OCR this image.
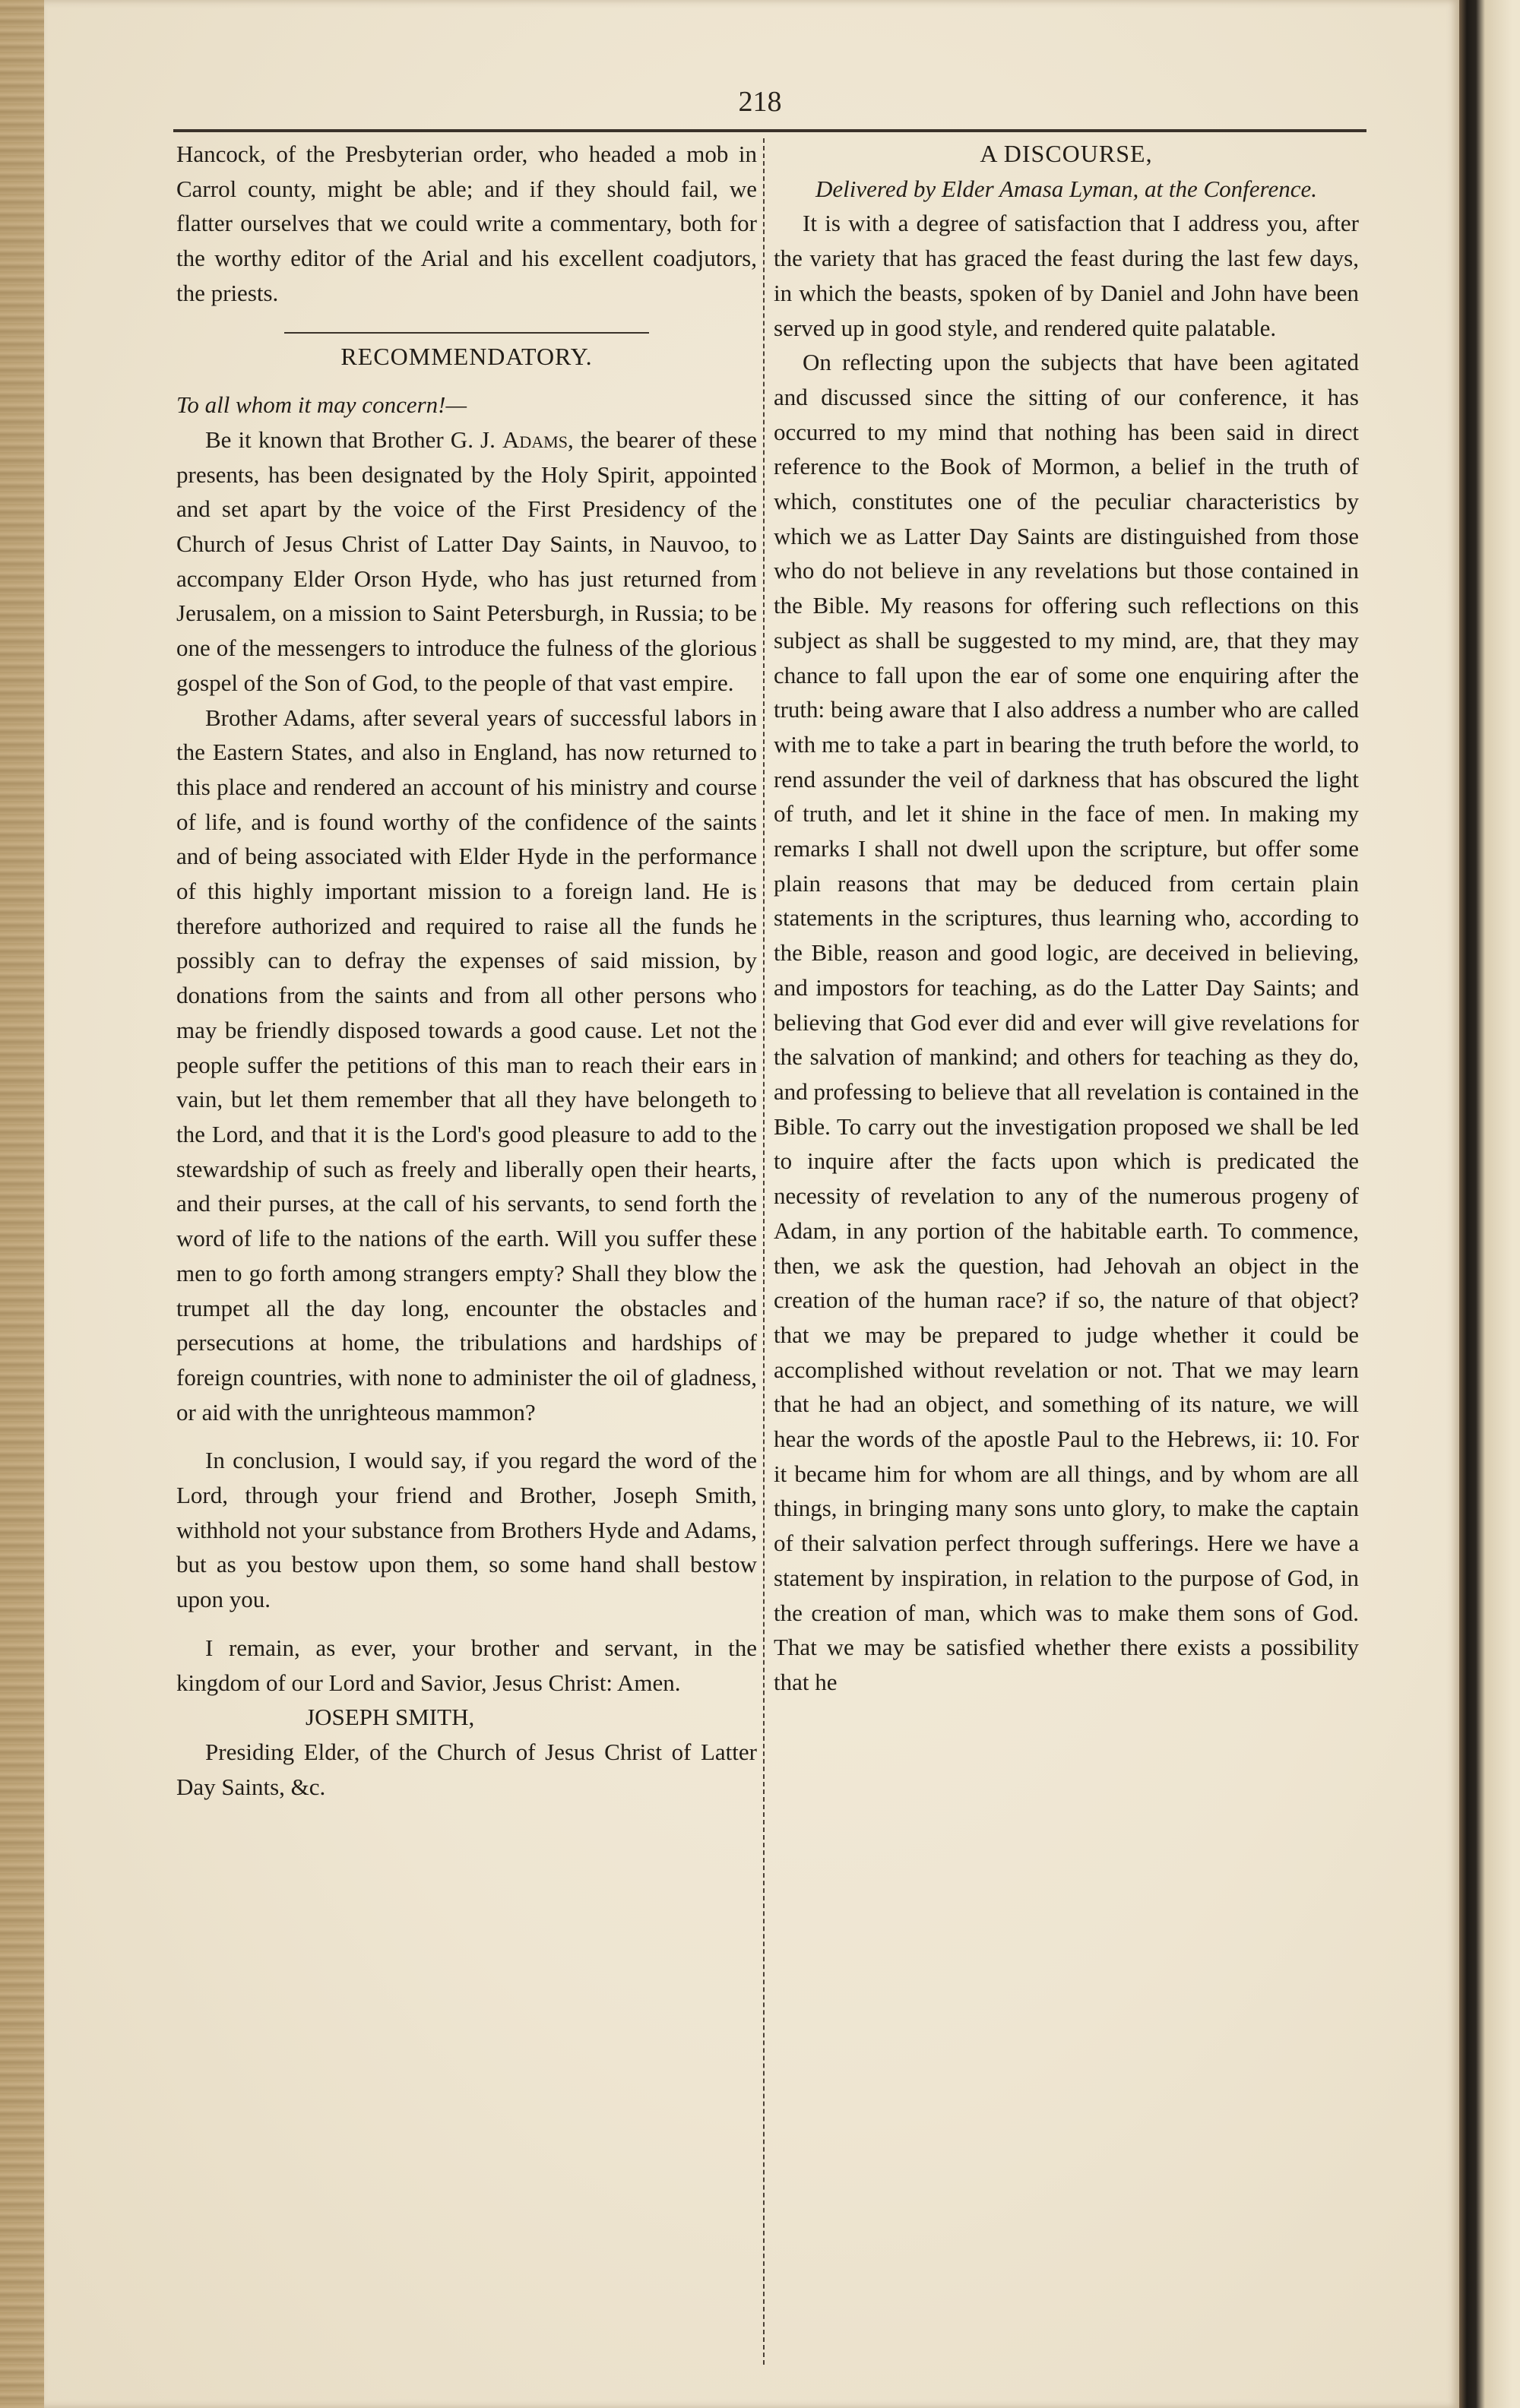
218

Hancock, of the Presbyterian order, who headed a mob in Carrol county, might be able; and if they should fail, we flatter ourselves that we could write a commentary, both for the worthy editor of the Arial and his excellent coadjutors, the priests.

RECOMMENDATORY.

To all whom it may concern!—

Be it known that Brother G. J. Adams, the bearer of these presents, has been designated by the Holy Spirit, appointed and set apart by the voice of the First Presidency of the Church of Jesus Christ of Latter Day Saints, in Nauvoo, to accompany Elder Orson Hyde, who has just returned from Jerusalem, on a mission to Saint Petersburgh, in Russia; to be one of the messengers to introduce the fulness of the glorious gospel of the Son of God, to the people of that vast empire.

Brother Adams, after several years of successful labors in the Eastern States, and also in England, has now returned to this place and rendered an account of his ministry and course of life, and is found worthy of the confidence of the saints and of being associated with Elder Hyde in the performance of this highly important mission to a foreign land. He is therefore authorized and required to raise all the funds he possibly can to defray the expenses of said mission, by donations from the saints and from all other persons who may be friendly disposed towards a good cause. Let not the people suffer the petitions of this man to reach their ears in vain, but let them remember that all they have belongeth to the Lord, and that it is the Lord's good pleasure to add to the stewardship of such as freely and liberally open their hearts, and their purses, at the call of his servants, to send forth the word of life to the nations of the earth. Will you suffer these men to go forth among strangers empty? Shall they blow the trumpet all the day long, encounter the obstacles and persecutions at home, the tribulations and hardships of foreign countries, with none to administer the oil of gladness, or aid with the unrighteous mammon?

In conclusion, I would say, if you regard the word of the Lord, through your friend and Brother, Joseph Smith, withhold not your substance from Brothers Hyde and Adams, but as you bestow upon them, so some hand shall bestow upon you.

I remain, as ever, your brother and servant, in the kingdom of our Lord and Savior, Jesus Christ: Amen.

JOSEPH SMITH,

Presiding Elder, of the Church of Jesus Christ of Latter Day Saints, &c.

A DISCOURSE,

Delivered by Elder Amasa Lyman, at the Conference.

It is with a degree of satisfaction that I address you, after the variety that has graced the feast during the last few days, in which the beasts, spoken of by Daniel and John have been served up in good style, and rendered quite palatable.

On reflecting upon the subjects that have been agitated and discussed since the sitting of our conference, it has occurred to my mind that nothing has been said in direct reference to the Book of Mormon, a belief in the truth of which, constitutes one of the peculiar characteristics by which we as Latter Day Saints are distinguished from those who do not believe in any revelations but those contained in the Bible. My reasons for offering such reflections on this subject as shall be suggested to my mind, are, that they may chance to fall upon the ear of some one enquiring after the truth: being aware that I also address a number who are called with me to take a part in bearing the truth before the world, to rend assunder the veil of darkness that has obscured the light of truth, and let it shine in the face of men. In making my remarks I shall not dwell upon the scripture, but offer some plain reasons that may be deduced from certain plain statements in the scriptures, thus learning who, according to the Bible, reason and good logic, are deceived in believing, and impostors for teaching, as do the Latter Day Saints; and believing that God ever did and ever will give revelations for the salvation of mankind; and others for teaching as they do, and professing to believe that all revelation is contained in the Bible. To carry out the investigation proposed we shall be led to inquire after the facts upon which is predicated the necessity of revelation to any of the numerous progeny of Adam, in any portion of the habitable earth. To commence, then, we ask the question, had Jehovah an object in the creation of the human race? if so, the nature of that object? that we may be prepared to judge whether it could be accomplished without revelation or not. That we may learn that he had an object, and something of its nature, we will hear the words of the apostle Paul to the Hebrews, ii: 10. For it became him for whom are all things, and by whom are all things, in bringing many sons unto glory, to make the captain of their salvation perfect through sufferings. Here we have a statement by inspiration, in relation to the purpose of God, in the creation of man, which was to make them sons of God. That we may be satisfied whether there exists a possibility that he
